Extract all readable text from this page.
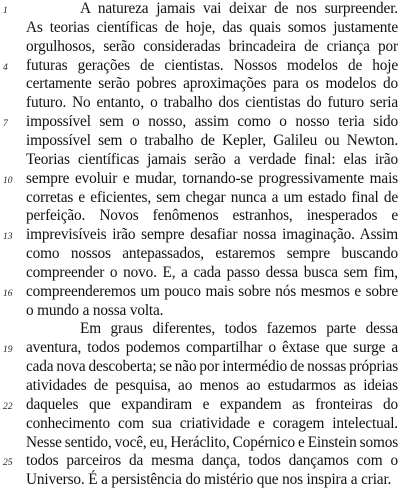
A natureza jamais vai deixar de nos surpreender.
As teorias científicas de hoje, das quais somos justamente
orgulhosos, serão consideradas brincadeira de criança por
futuras gerações de cientistas. Nossos modelos de hoje
certamente serão pobres aproximações para os modelos do
futuro. No entanto, o trabalho dos cientistas do futuro seria
impossível sem o nosso, assim como o nosso teria sido
impossível sem o trabalho de Kepler, Galileu ou Newton.
Teorias científicas jamais serão a verdade final: elas irão
sempre evoluir e mudar, tornando-se progressivamente mais
corretas e eficientes, sem chegar nunca a um estado final de
perfeição. Novos fenômenos estranhos, inesperados e
imprevisíveis irão sempre desafiar nossa imaginação. Assim
como nossos antepassados, estaremos sempre buscando
compreender o novo. E, a cada passo dessa busca sem fim,
compreenderemos um pouco mais sobre nós mesmos e sobre
o mundo a nossa volta.
Em graus diferentes, todos fazemos parte dessa
aventura, todos podemos compartilhar o êxtase que surge a
cada nova descoberta; se não por intermédio de nossas próprias
atividades de pesquisa, ao menos ao estudarmos as ideias
daqueles que expandiram e expandem as fronteiras do
conhecimento com sua criatividade e coragem intelectual.
Nesse sentido, você, eu, Heráclito, Copérnico e Einstein somos
todos parceiros da mesma dança, todos dançamos com o
Universo. É a persistência do mistério que nos inspira a criar.
1
4
7
10
13
16
19
22
25
